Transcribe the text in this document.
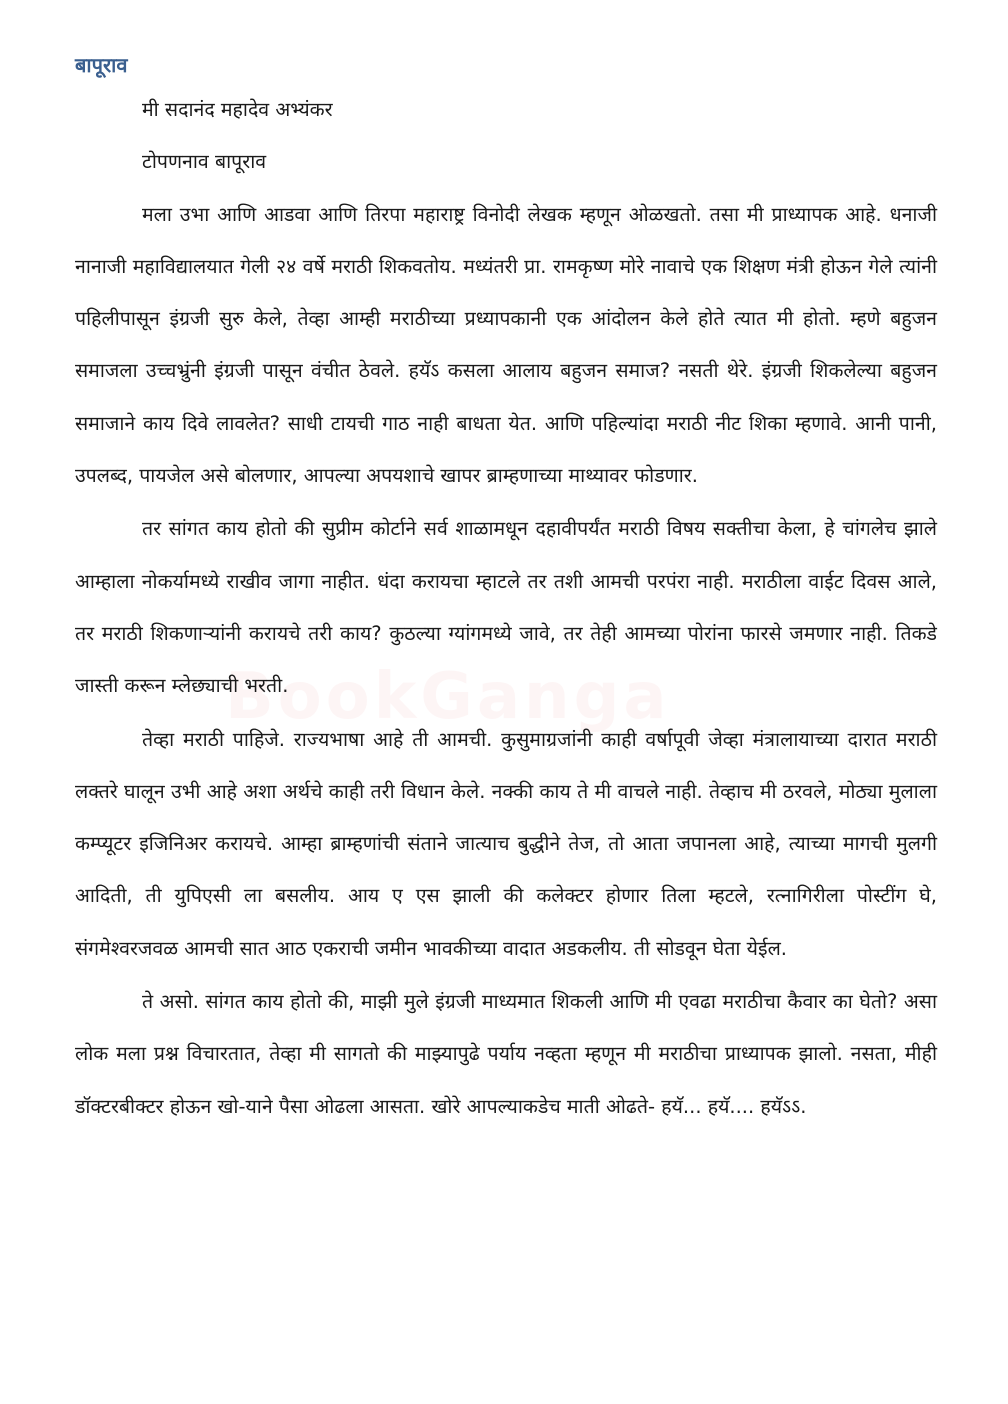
BookGanga
बापूराव

मी सदानंद महादेव अभ्यंकर

टोपणनाव बापूराव

मला उभा आणि आडवा आणि तिरपा महाराष्ट्र विनोदी लेखक म्हणून ओळखतो. तसा मी प्राध्यापक आहे. धनाजी नानाजी महाविद्यालयात गेली २४ वर्षे मराठी शिकवतोय. मध्यंतरी प्रा. रामकृष्ण मोरे नावाचे एक शिक्षण मंत्री होऊन गेले त्यांनी पहिलीपासून इंग्रजी सुरु केले, तेव्हा आम्ही मराठीच्या प्रध्यापकानी एक आंदोलन केले होते त्यात मी होतो. म्हणे बहुजन समाजला उच्चभ्रुंनी इंग्रजी पासून वंचीत ठेवले. हयॅऽ कसला आलाय बहुजन समाज? नसती थेरे. इंग्रजी शिकलेल्या बहुजन समाजाने काय दिवे लावलेत? साधी टायची गाठ नाही बाधता येत. आणि पहिल्यांदा मराठी नीट शिका म्हणावे. आनी पानी, उपलब्द, पायजेल असे बोलणार, आपल्या अपयशाचे खापर ब्राम्हणाच्या माथ्यावर फोडणार.

तर सांगत काय होतो की सुप्रीम कोर्टाने सर्व शाळामधून दहावीपर्यंत मराठी विषय सक्तीचा केला, हे चांगलेच झाले आम्हाला नोकर्यामध्ये राखीव जागा नाहीत. धंदा करायचा म्हाटले तर तशी आमची परपंरा नाही. मराठीला वाईट दिवस आले, तर मराठी शिकणाऱ्यांनी करायचे तरी काय? कुठल्या ग्यांगमध्ये जावे, तर तेही आमच्या पोरांना फारसे जमणार नाही. तिकडे जास्ती करून म्लेछ्याची भरती.

तेव्हा मराठी पाहिजे. राज्यभाषा आहे ती आमची. कुसुमाग्रजांनी काही वर्षापूवी जेव्हा मंत्रालायाच्या दारात मराठी लक्तरे घालून उभी आहे अशा अर्थचे काही तरी विधान केले. नक्की काय ते मी वाचले नाही. तेव्हाच मी ठरवले, मोठ्या मुलाला कम्प्यूटर इजिनिअर करायचे. आम्हा ब्राम्हणांची संताने जात्याच बुद्धीने तेज, तो आता जपानला आहे, त्याच्या मागची मुलगी आदिती, ती युपिएसी ला बसलीय. आय ए एस झाली की कलेक्टर होणार तिला म्हटले, रत्नागिरीला पोस्टींग घे, संगमेश्वरजवळ आमची सात आठ एकराची जमीन भावकीच्या वादात अडकलीय. ती सोडवून घेता येईल.

ते असो. सांगत काय होतो की, माझी मुले इंग्रजी माध्यमात शिकली आणि मी एवढा मराठीचा कैवार का घेतो? असा लोक मला प्रश्न विचारतात, तेव्हा मी सागतो की माझ्यापुढे पर्याय नव्हता म्हणून मी मराठीचा प्राध्यापक झालो. नसता, मीही डॉक्टरबीक्टर होऊन खो-याने पैसा ओढला आसता. खोरे आपल्याकडेच माती ओढते- हयॅ... हयॅ.... हयॅऽऽ.
